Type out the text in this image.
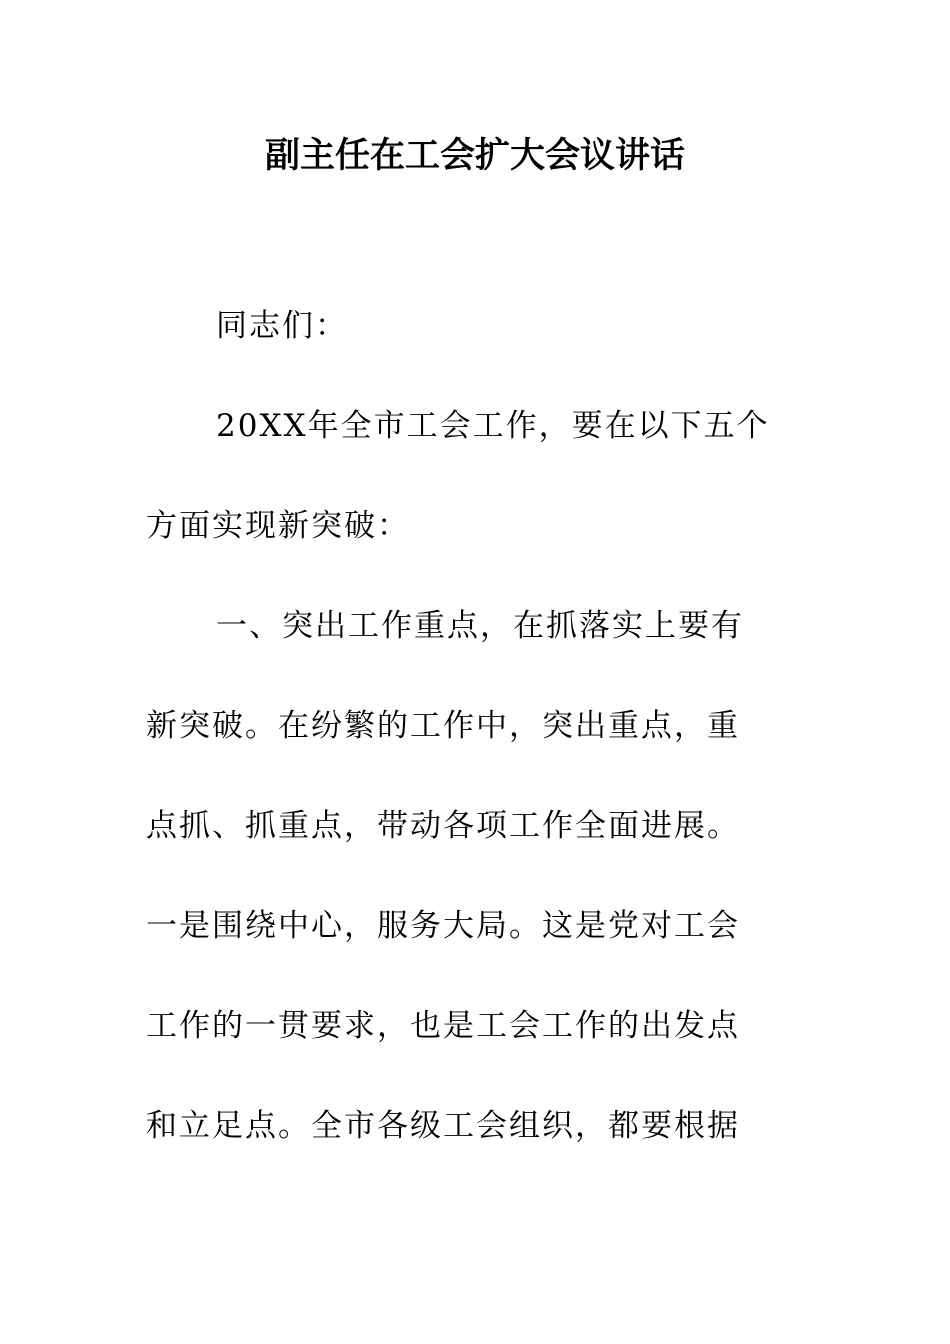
副主任在工会扩大会议讲话
同志们：
20XX年全市工会工作，要在以下五个
方面实现新突破：
一、突出工作重点，在抓落实上要有
新突破。在纷繁的工作中，突出重点，重
点抓、抓重点，带动各项工作全面进展。
一是围绕中心，服务大局。这是党对工会
工作的一贯要求，也是工会工作的出发点
和立足点。全市各级工会组织，都要根据
